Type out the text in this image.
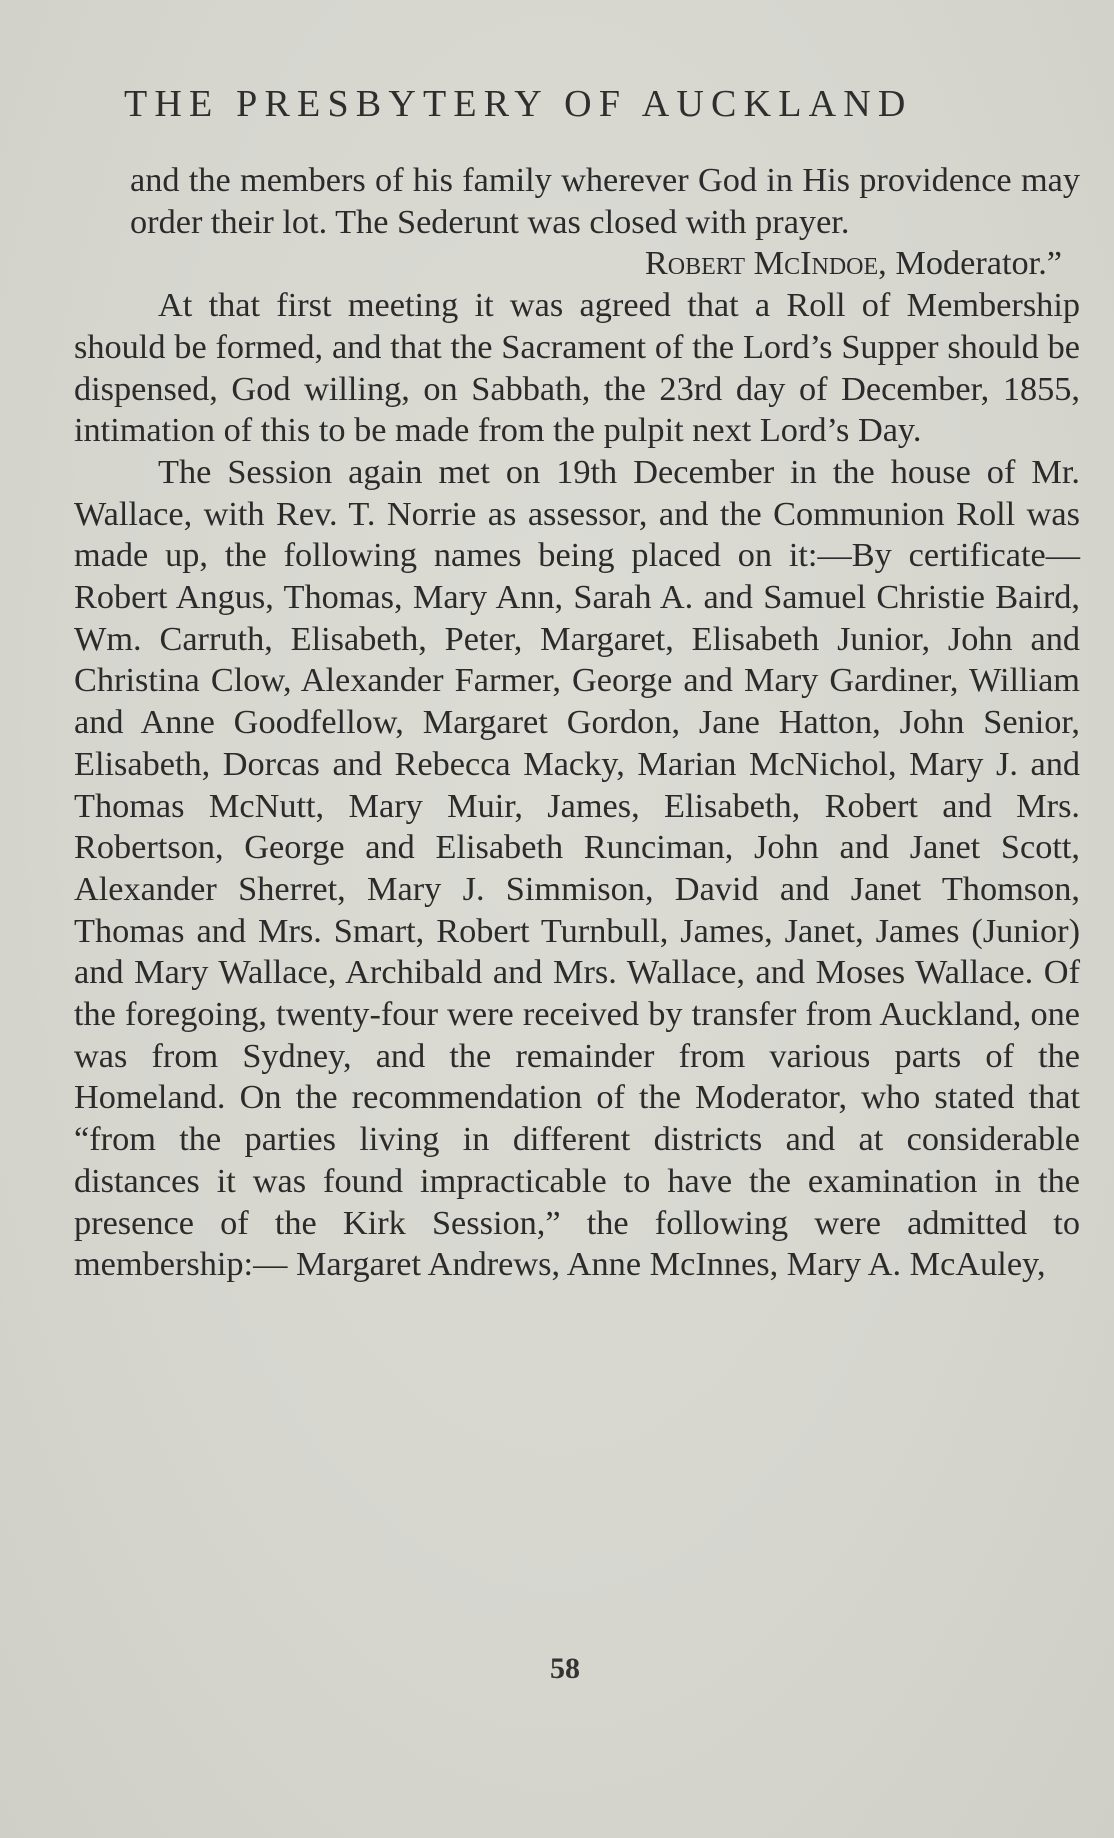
THE PRESBYTERY OF AUCKLAND

and the members of his family wherever God in His providence may order their lot. The Sederunt was closed with prayer.

Robert McIndoe, Moderator.”

At that first meeting it was agreed that a Roll of Membership should be formed, and that the Sacrament of the Lord’s Supper should be dispensed, God willing, on Sabbath, the 23rd day of December, 1855, intimation of this to be made from the pulpit next Lord’s Day.

The Session again met on 19th December in the house of Mr. Wallace, with Rev. T. Norrie as assessor, and the Communion Roll was made up, the following names being placed on it:—By certificate—Robert Angus, Thomas, Mary Ann, Sarah A. and Samuel Christie Baird, Wm. Carruth, Elisabeth, Peter, Margaret, Elisabeth Junior, John and Christina Clow, Alexander Farmer, George and Mary Gardiner, William and Anne Goodfellow, Margaret Gordon, Jane Hatton, John Senior, Elisabeth, Dorcas and Rebecca Macky, Marian McNichol, Mary J. and Thomas McNutt, Mary Muir, James, Elisabeth, Robert and Mrs. Robertson, George and Elisabeth Runciman, John and Janet Scott, Alexander Sherret, Mary J. Simmison, David and Janet Thomson, Thomas and Mrs. Smart, Robert Turnbull, James, Janet, James (Junior) and Mary Wallace, Archibald and Mrs. Wallace, and Moses Wallace. Of the foregoing, twenty-four were received by transfer from Auckland, one was from Sydney, and the remainder from various parts of the Homeland. On the recommendation of the Moderator, who stated that “from the parties living in different districts and at considerable distances it was found impracticable to have the examination in the presence of the Kirk Session,” the following were admitted to membership:— Margaret Andrews, Anne McInnes, Mary A. McAuley,

58
